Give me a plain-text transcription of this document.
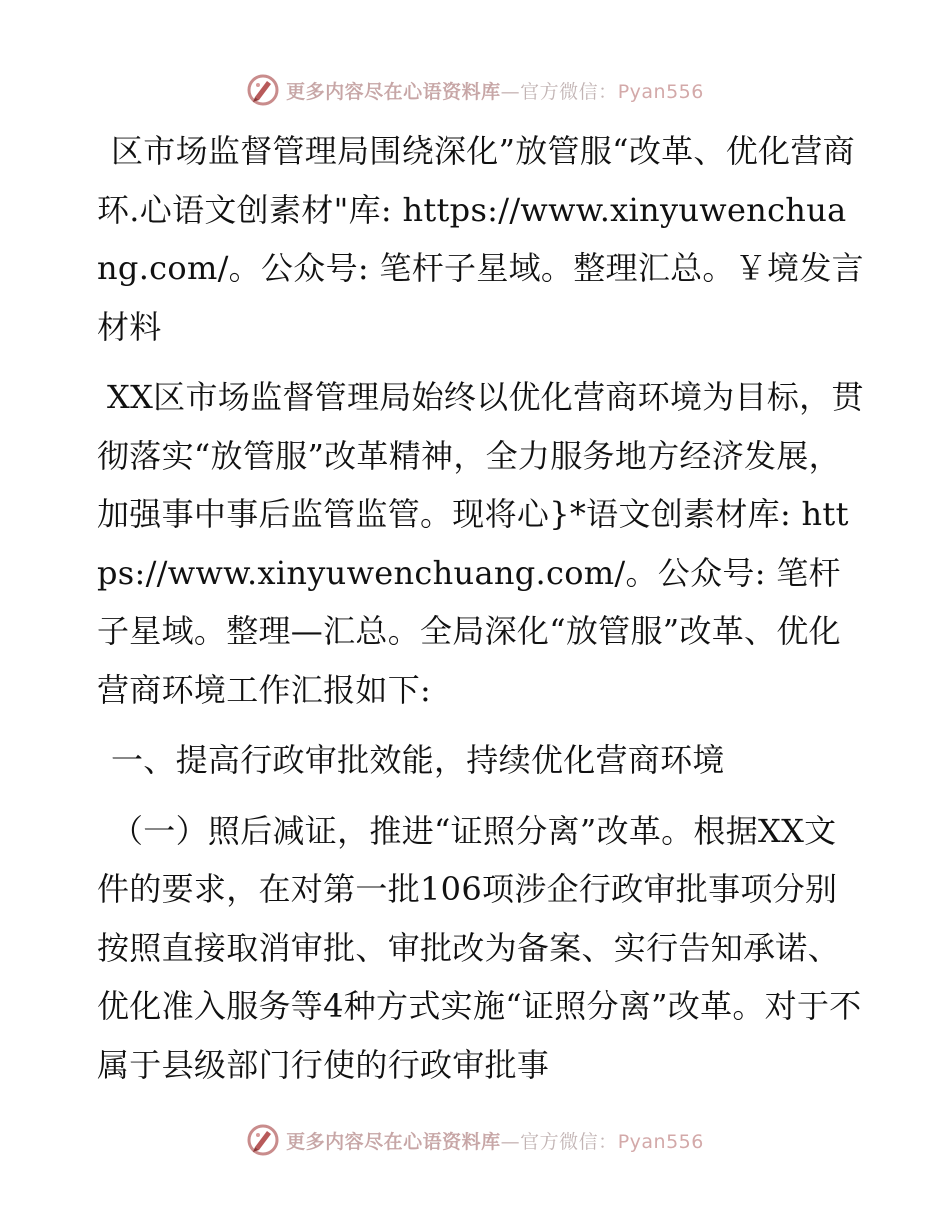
更多内容尽在心语资料库—官方微信：Pyan556

区市场监督管理局围绕深化”放管服“改革、优化营商环.心语文创素材"库: https://www.xinyuwenchuang.com/。公众号: 笔杆子星域。整理汇总。￥境发言材料

XX区市场监督管理局始终以优化营商环境为目标，贯彻落实“放管服”改革精神，全力服务地方经济发展，加强事中事后监管监管。现将心}*语文创素材库: https://www.xinyuwenchuang.com/。公众号: 笔杆子星域。整理—汇总。全局深化“放管服”改革、优化营商环境工作汇报如下:

一、提高行政审批效能，持续优化营商环境

（一）照后减证，推进“证照分离”改革。根据XX文件的要求，在对第一批106项涉企行政审批事项分别按照直接取消审批、审批改为备案、实行告知承诺、优化准入服务等4种方式实施“证照分离”改革。对于不属于县级部门行使的行政审批事

更多内容尽在心语资料库—官方微信：Pyan556
